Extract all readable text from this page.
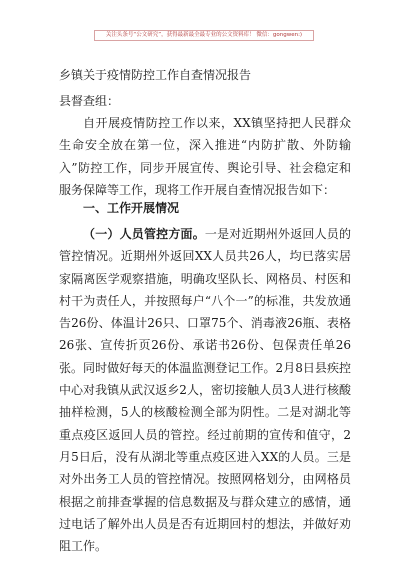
关注头条号“公文研究”，获得最新最全最专业的公文资料库！ 微信：gongwen:)
乡镇关于疫情防控工作自查情况报告

县督查组：

自开展疫情防控工作以来，XX镇坚持把人民群众生命安全放在第一位，深入推进“内防扩散、外防输入”防控工作，同步开展宣传、舆论引导、社会稳定和服务保障等工作，现将工作开展自查情况报告如下：

一、工作开展情况

（一）人员管控方面。一是对近期州外返回人员的管控情况。近期州外返回XX人员共26人，均已落实居家隔离医学观察措施，明确攻坚队长、网格员、村医和村干为责任人，并按照每户“八个一”的标准，共发放通告26份、体温计26只、口罩75个、消毒液26瓶、表格26张、宣传折页26份、承诺书26份、包保责任单26张。同时做好每天的体温监测登记工作。2月8日县疾控中心对我镇从武汉返乡2人，密切接触人员3人进行核酸抽样检测，5人的核酸检测全部为阴性。二是对湖北等重点疫区返回人员的管控。经过前期的宣传和值守，2月5日后，没有从湖北等重点疫区进入XX的人员。三是对外出务工人员的管控情况。按照网格划分，由网格员根据之前排查掌握的信息数据及与群众建立的感情，通过电话了解外出人员是否有近期回村的想法，并做好劝阻工作。
